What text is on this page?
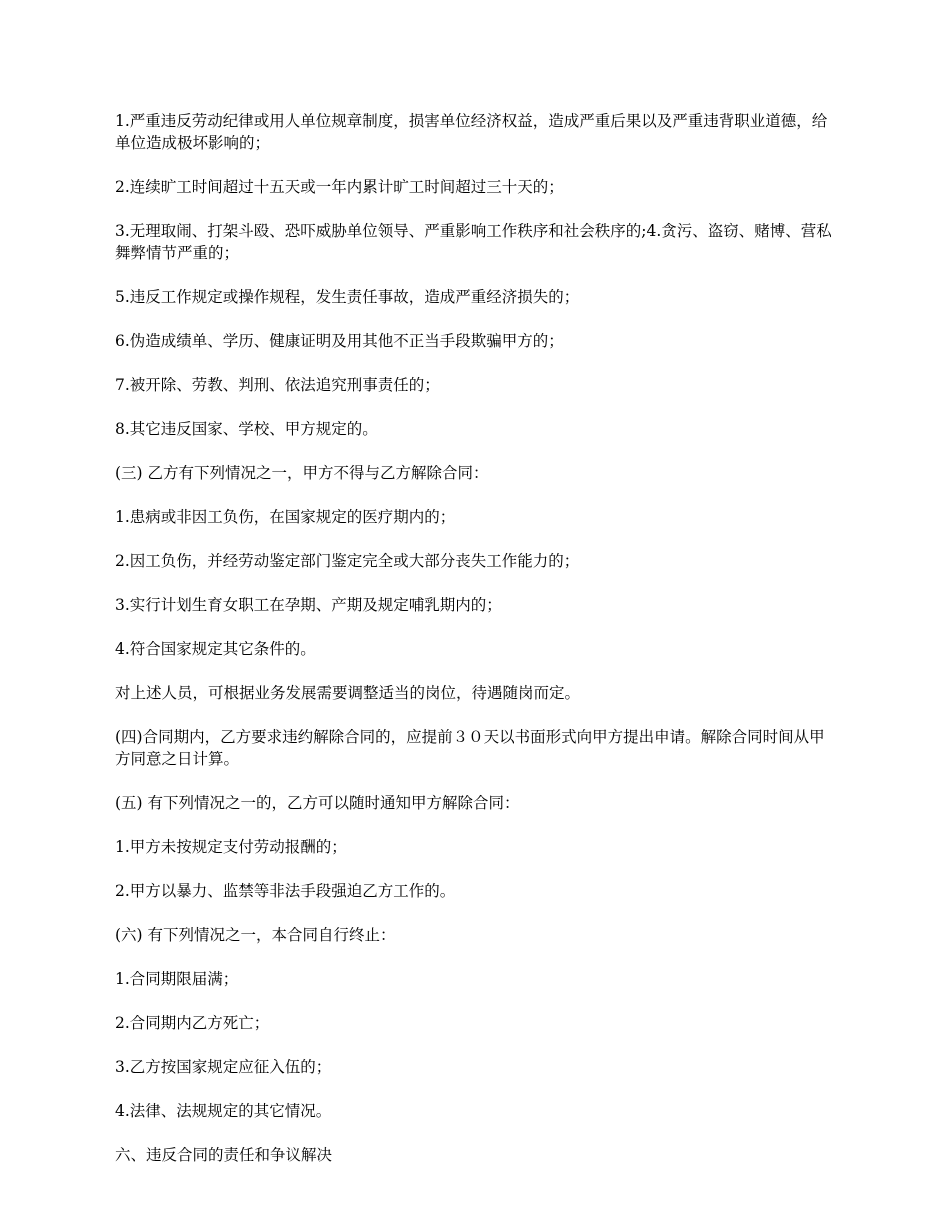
1.严重违反劳动纪律或用人单位规章制度，损害单位经济权益，造成严重后果以及严重违背职业道德，给单位造成极坏影响的；

2.连续旷工时间超过十五天或一年内累计旷工时间超过三十天的；

3.无理取闹、打架斗殴、恐吓威胁单位领导、严重影响工作秩序和社会秩序的;4.贪污、盗窃、赌博、营私舞弊情节严重的；

5.违反工作规定或操作规程，发生责任事故，造成严重经济损失的；

6.伪造成绩单、学历、健康证明及用其他不正当手段欺骗甲方的；

7.被开除、劳教、判刑、依法追究刑事责任的；

8.其它违反国家、学校、甲方规定的。

(三) 乙方有下列情况之一，甲方不得与乙方解除合同：

1.患病或非因工负伤，在国家规定的医疗期内的；

2.因工负伤，并经劳动鉴定部门鉴定完全或大部分丧失工作能力的；

3.实行计划生育女职工在孕期、产期及规定哺乳期内的；

4.符合国家规定其它条件的。

对上述人员，可根据业务发展需要调整适当的岗位，待遇随岗而定。

(四)合同期内，乙方要求违约解除合同的，应提前３０天以书面形式向甲方提出申请。解除合同时间从甲方同意之日计算。

(五) 有下列情况之一的，乙方可以随时通知甲方解除合同：

1.甲方未按规定支付劳动报酬的；

2.甲方以暴力、监禁等非法手段强迫乙方工作的。

(六) 有下列情况之一，本合同自行终止：

1.合同期限届满；

2.合同期内乙方死亡；

3.乙方按国家规定应征入伍的；

4.法律、法规规定的其它情况。

六、违反合同的责任和争议解决
